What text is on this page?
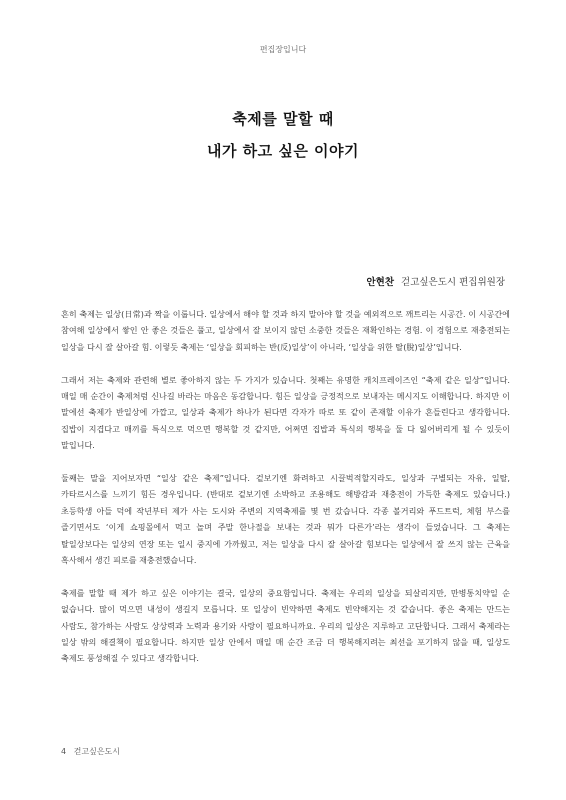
편집장입니다
축제를 말할 때
내가 하고 싶은 이야기
안현찬 걷고싶은도시 편집위원장

흔히 축제는 일상(日常)과 짝을 이룹니다. 일상에서 해야 할 것과 하지 말아야 할 것을 예외적으로 깨트리는 시공간. 이 시공간에 참여해 일상에서 쌓인 안 좋은 것들은 풀고, 일상에서 잘 보이지 않던 소중한 것들은 재확인하는 경험. 이 경험으로 재충전되는 일상을 다시 잘 살아갈 힘. 이렇듯 축제는 ‘일상을 회피하는 반(反)일상’이 아니라, ‘일상을 위한 탈(脫)일상’입니다.

그래서 저는 축제와 관련해 별로 좋아하지 않는 두 가지가 있습니다. 첫째는 유명한 캐치프레이즈인 “축제 같은 일상”입니다. 매일 매 순간이 축제처럼 신나길 바라는 마음은 동감합니다. 힘든 일상을 긍정적으로 보내자는 메시지도 이해합니다. 하지만 이 말에선 축제가 반일상에 가깝고, 일상과 축제가 하나가 된다면 각자가 따로 또 같이 존재할 이유가 흔들린다고 생각합니다. 집밥이 지겹다고 매끼를 특식으로 먹으면 행복할 것 같지만, 어쩌면 집밥과 특식의 행복을 둘 다 잃어버리게 될 수 있듯이 말입니다.

둘째는 말을 지어보자면 “일상 같은 축제”입니다. 겉보기엔 화려하고 시끌벅적할지라도, 일상과 구별되는 자유, 일탈, 카타르시스를 느끼기 힘든 경우입니다. (반대로 겉보기엔 소박하고 조용해도 해방감과 재충전이 가득한 축제도 있습니다.) 초등학생 아들 덕에 작년부터 제가 사는 도시와 주변의 지역축제를 몇 번 갔습니다. 각종 볼거리와 푸드트럭, 체험 부스를 즐기면서도 ‘이게 쇼핑몰에서 먹고 놀며 주말 한나절을 보내는 것과 뭐가 다른가’라는 생각이 들었습니다. 그 축제는 탈일상보다는 일상의 연장 또는 일시 중지에 가까웠고, 저는 일상을 다시 잘 살아갈 힘보다는 일상에서 잘 쓰지 않는 근육을 혹사해서 생긴 피로를 재충전했습니다.

축제를 말할 때 제가 하고 싶은 이야기는 결국, 일상의 중요함입니다. 축제는 우리의 일상을 되살리지만, 만병통치약일 순 없습니다. 많이 먹으면 내성이 생길지 모릅니다. 또 일상이 빈약하면 축제도 빈약해지는 것 같습니다. 좋은 축제는 만드는 사람도, 참가하는 사람도 상상력과 노력과 용기와 사랑이 필요하니까요. 우리의 일상은 지루하고 고단합니다. 그래서 축제라는 일상 밖의 해결책이 필요합니다. 하지만 일상 안에서 매일 매 순간 조금 더 행복해지려는 최선을 포기하지 않을 때, 일상도 축제도 풍성해질 수 있다고 생각합니다.

4 걷고싶은도시
